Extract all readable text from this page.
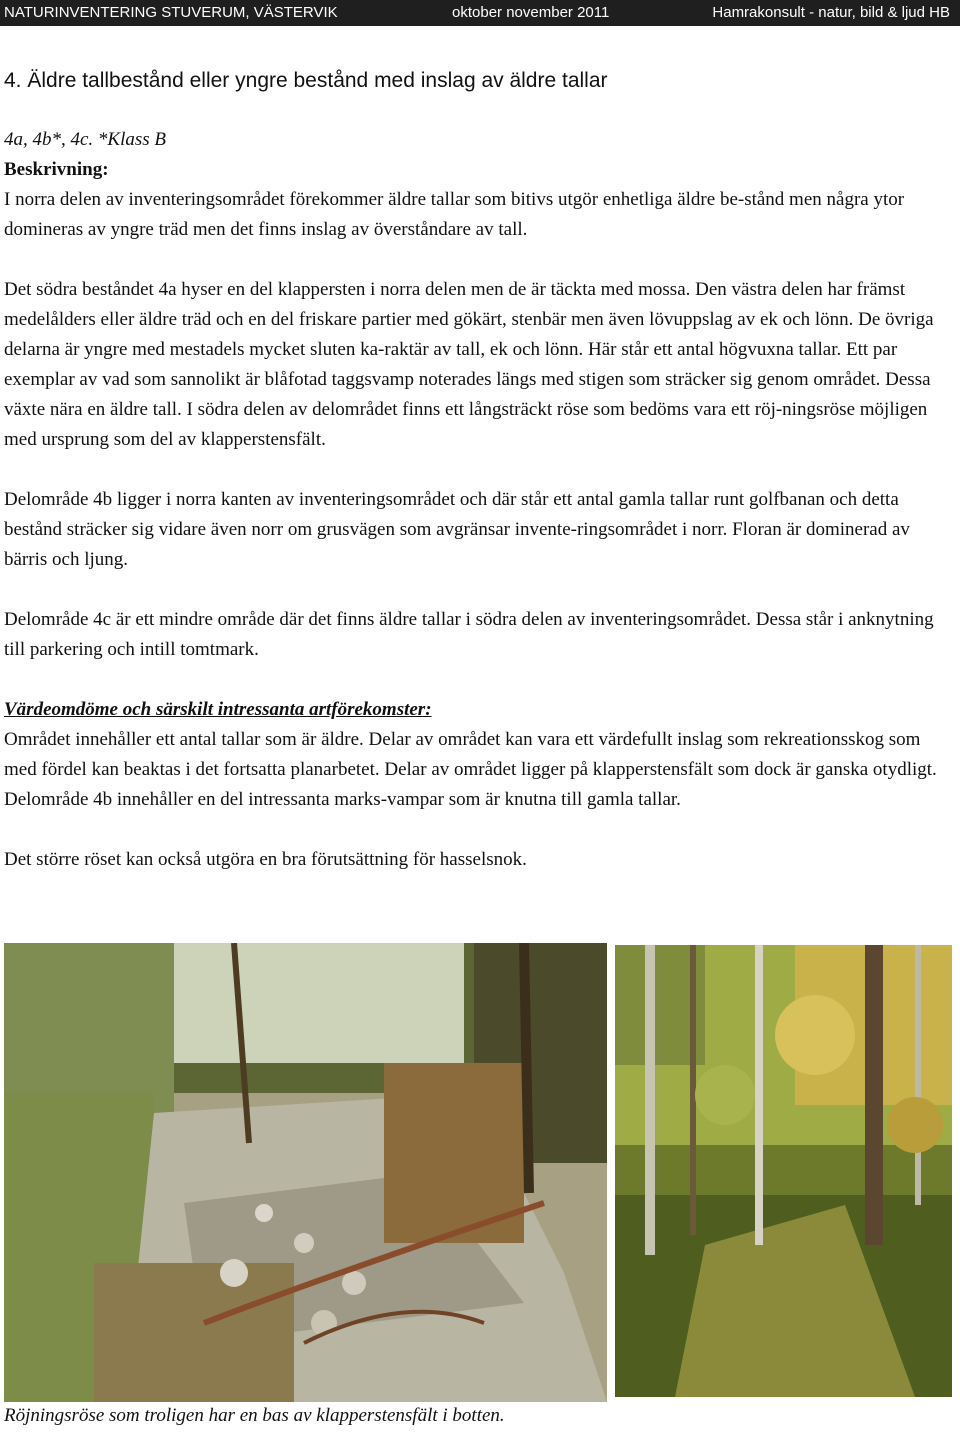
NATURINVENTERING STUVERUM, VÄSTERVIK	oktober november 2011	Hamrakonsult - natur, bild & ljud HB
4. Äldre tallbestånd eller yngre bestånd med inslag av äldre tallar

4a, 4b*, 4c. *Klass B

Beskrivning:

I norra delen av inventeringsområdet förekommer äldre tallar som bitivs utgör enhetliga äldre be-stånd men några ytor domineras av yngre träd men det finns inslag av överståndare av tall.

Det södra beståndet 4a hyser en del klappersten i norra delen men de är täckta med mossa. Den västra delen har främst medelålders eller äldre träd och en del friskare partier med gökärt, stenbär men även lövuppslag av ek och lönn. De övriga delarna är yngre med mestadels mycket sluten ka-raktär av tall, ek och lönn. Här står ett antal högvuxna tallar. Ett par exemplar av vad som sannolikt är blåfotad taggsvamp noterades längs med stigen som sträcker sig genom området. Dessa växte nära en äldre tall. I södra delen av delområdet finns ett långsträckt röse som bedöms vara ett röj-ningsröse möjligen med ursprung som del av klapperstensfält.

Delområde 4b ligger i norra kanten av inventeringsområdet och där står ett antal gamla tallar runt golfbanan och detta bestånd sträcker sig vidare även norr om grusvägen som avgränsar invente-ringsområdet i norr. Floran är dominerad av bärris och ljung.

Delområde 4c är ett mindre område där det finns äldre tallar i södra delen av inventeringsområdet. Dessa står i anknytning till parkering och intill tomtmark.

Värdeomdöme och särskilt intressanta artförekomster:

Området innehåller ett antal tallar som är äldre. Delar av området kan vara ett värdefullt inslag som rekreationsskog som med fördel kan beaktas i det fortsatta planarbetet. Delar av området ligger på klapperstensfält som dock är ganska otydligt. Delområde 4b innehåller en del intressanta marks-vampar som är knutna till gamla tallar.

Det större röset kan också utgöra en bra förutsättning för hasselsnok.

Röjningsröse som troligen har en bas av klapperstensfält i botten.
